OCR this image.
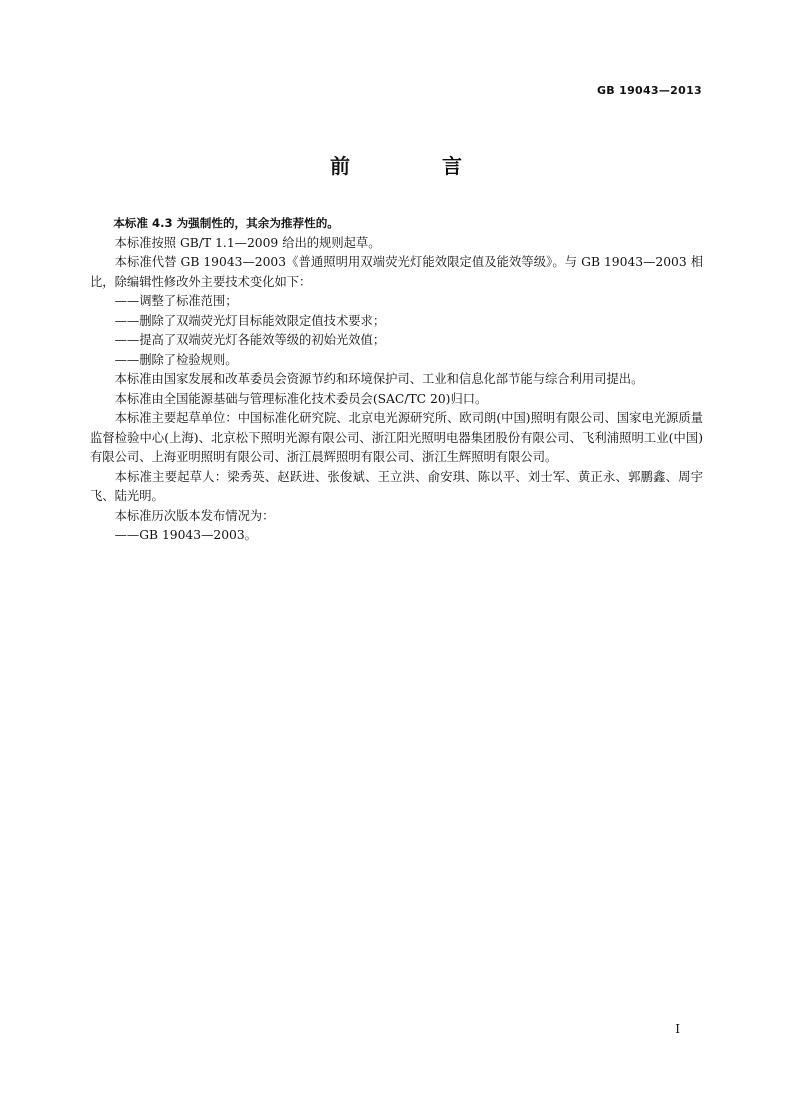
GB 19043—2013
前　言

本标准 4.3 为强制性的，其余为推荐性的。

本标准按照 GB/T 1.1—2009 给出的规则起草。

本标准代替 GB 19043—2003《普通照明用双端荧光灯能效限定值及能效等级》。与 GB 19043—2003 相比，除编辑性修改外主要技术变化如下：

——调整了标准范围；

——删除了双端荧光灯目标能效限定值技术要求；

——提高了双端荧光灯各能效等级的初始光效值；

——删除了检验规则。

本标准由国家发展和改革委员会资源节约和环境保护司、工业和信息化部节能与综合利用司提出。

本标准由全国能源基础与管理标准化技术委员会(SAC/TC 20)归口。

本标准主要起草单位：中国标准化研究院、北京电光源研究所、欧司朗(中国)照明有限公司、国家电光源质量监督检验中心(上海)、北京松下照明光源有限公司、浙江阳光照明电器集团股份有限公司、飞利浦照明工业(中国)有限公司、上海亚明照明有限公司、浙江晨辉照明有限公司、浙江生辉照明有限公司。

本标准主要起草人：梁秀英、赵跃进、张俊斌、王立洪、俞安琪、陈以平、刘士军、黄正永、郭鹏鑫、周宇飞、陆光明。

本标准历次版本发布情况为：

——GB 19043—2003。

I
